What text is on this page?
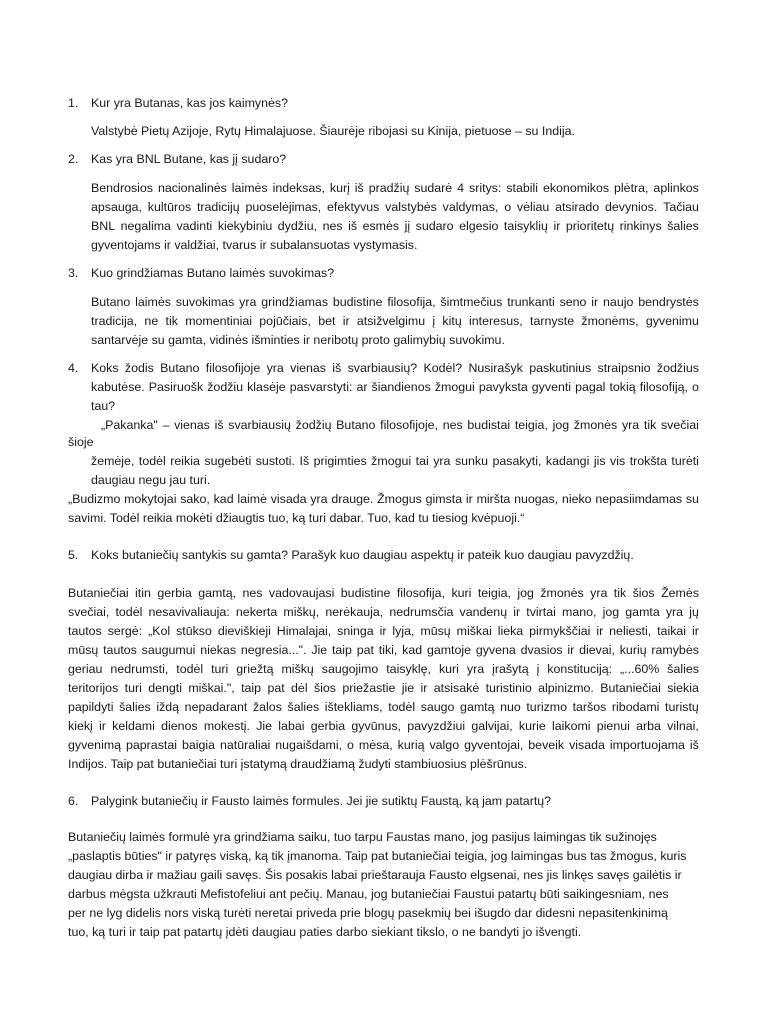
1. Kur yra Butanas, kas jos kaimynės?

Valstybė Pietų Azijoje, Rytų Himalajuose. Šiaurėje ribojasi su Kinija, pietuose – su Indija.

2. Kas yra BNL Butane, kas jį sudaro?

Bendrosios nacionalinės laimės indeksas, kurį iš pradžių sudarė 4 sritys: stabili ekonomikos plėtra, aplinkos

apsauga, kultūros tradicijų puoselėjimas, efektyvus valstybės valdymas, o vėliau atsirado devynios. Tačiau

BNL negalima vadinti kiekybiniu dydžiu, nes iš esmės jį sudaro elgesio taisyklių ir prioritetų rinkinys šalies

gyventojams ir valdžiai, tvarus ir subalansuotas vystymasis.

3. Kuo grindžiamas Butano laimės suvokimas?

Butano laimės suvokimas yra grindžiamas budistine filosofija, šimtmečius trunkanti seno ir naujo bendrystės

tradicija, ne tik momentiniai pojūčiais, bet ir atsižvelgimu į kitų interesus, tarnyste žmonėms, gyvenimu

santarvėje su gamta, vidinės išminties ir neribotų proto galimybių suvokimu.

4. Koks žodis Butano filosofijoje yra vienas iš svarbiausių? Kodėl? Nusirašyk paskutinius straipsnio žodžius

kabutėse. Pasiruošk žodžiu klasėje pasvarstyti: ar šiandienos žmogui pavyksta gyventi pagal tokią filosofiją, o

tau?

„Pakanka" – vienas iš svarbiausių žodžių Butano filosofijoje, nes budistai teigia, jog žmonės yra tik svečiai

šioje

žemėje, todėl reikia sugebėti sustoti. Iš prigimties žmogui tai yra sunku pasakyti, kadangi jis vis trokšta turėti

daugiau negu jau turi.

„Budizmo mokytojai sako, kad laimė visada yra drauge. Žmogus gimsta ir miršta nuogas, nieko nepasiimdamas su

savimi. Todėl reikia mokėti džiaugtis tuo, ką turi dabar. Tuo, kad tu tiesiog kvėpuoji.“

5. Koks butaniečių santykis su gamta? Parašyk kuo daugiau aspektų ir pateik kuo daugiau pavyzdžių.

Butaniečiai itin gerbia gamtą, nes vadovaujasi budistine filosofija, kuri teigia, jog žmonės yra tik šios Žemės

svečiai, todėl nesavivaliauja: nekerta miškų, nerėkauja, nedrumsčia vandenų ir tvirtai mano, jog gamta yra jų

tautos sergė: „Kol stūkso dieviškieji Himalajai, sninga ir lyja, mūsų miškai lieka pirmykščiai ir neliesti, taikai ir

mūsų tautos saugumui niekas negresia...". Jie taip pat tiki, kad gamtoje gyvena dvasios ir dievai, kurių ramybės

geriau nedrumsti, todėl turi griežtą miškų saugojimo taisyklę, kuri yra įrašytą į konstituciją: „...60% šalies

teritorijos turi dengti miškai.", taip pat dėl šios priežastie jie ir atsisakė turistinio alpinizmo. Butaniečiai siekia

papildyti šalies iždą nepadarant žalos šalies ištekliams, todėl saugo gamtą nuo turizmo taršos ribodami turistų

kiekį ir keldami dienos mokestį. Jie labai gerbia gyvūnus, pavyzdžiui galvijai, kurie laikomi pienui arba vilnai,

gyvenimą paprastai baigia natūraliai nugaišdami, o mėsa, kurią valgo gyventojai, beveik visada importuojama iš

Indijos. Taip pat butaniečiai turi įstatymą draudžiamą žudyti stambiuosius plėšrūnus.

6. Palygink butaniečių ir Fausto laimės formules. Jei jie sutiktų Faustą, ką jam patartų?

Butaniečių laimės formulė yra grindžiama saiku, tuo tarpu Faustas mano, jog pasijus laimingas tik sužinojęs

„paslaptis būties" ir patyręs viską, ką tik įmanoma. Taip pat butaniečiai teigia, jog laimingas bus tas žmogus, kuris

daugiau dirba ir mažiau gaili savęs. Šis posakis labai prieštarauja Fausto elgsenai, nes jis linkęs savęs gailėtis ir

darbus mėgsta užkrauti Mefistofeliui ant pečių. Manau, jog butaniečiai Faustui patartų būti saikingesniam, nes

per ne lyg didelis nors viską turėti neretai priveda prie blogų pasekmių bei išugdo dar didesni nepasitenkinimą

tuo, ką turi ir taip pat patartų įdėti daugiau paties darbo siekiant tikslo, o ne bandyti jo išvengti.
